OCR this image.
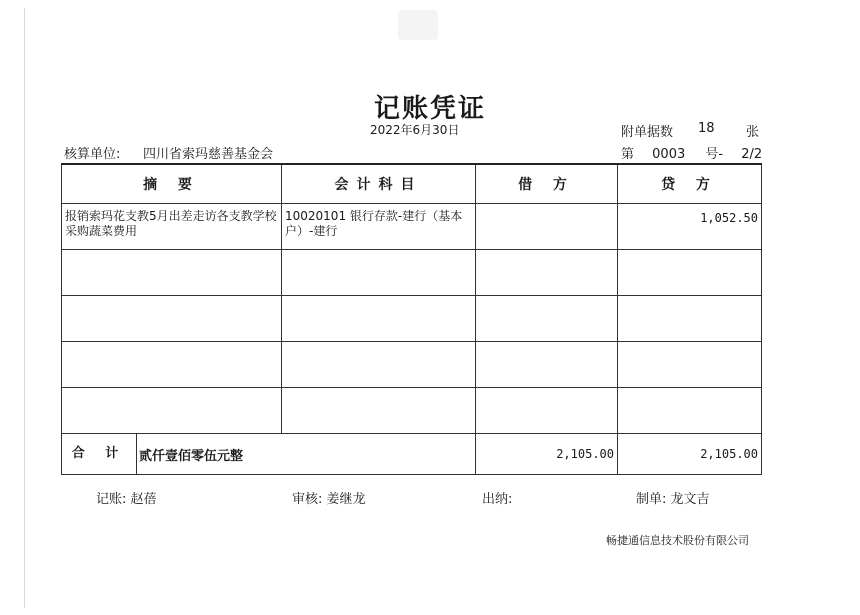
记账凭证
2022年6月30日	附单据数 18 张
核算单位: 四川省索玛慈善基金会	第 0003 号- 2/2
摘 要	会计科目	借 方	贷 方

报销索玛花支教5月出差走访各支教学校采购蔬菜费用	10020101 银行存款-建行（基本户）-建行		1,052.50

合 计 贰仟壹佰零伍元整		2,105.00	2,105.00
记账: 赵蓓	审核: 姜继龙	出纳:	制单: 龙文吉
畅捷通信息技术股份有限公司
